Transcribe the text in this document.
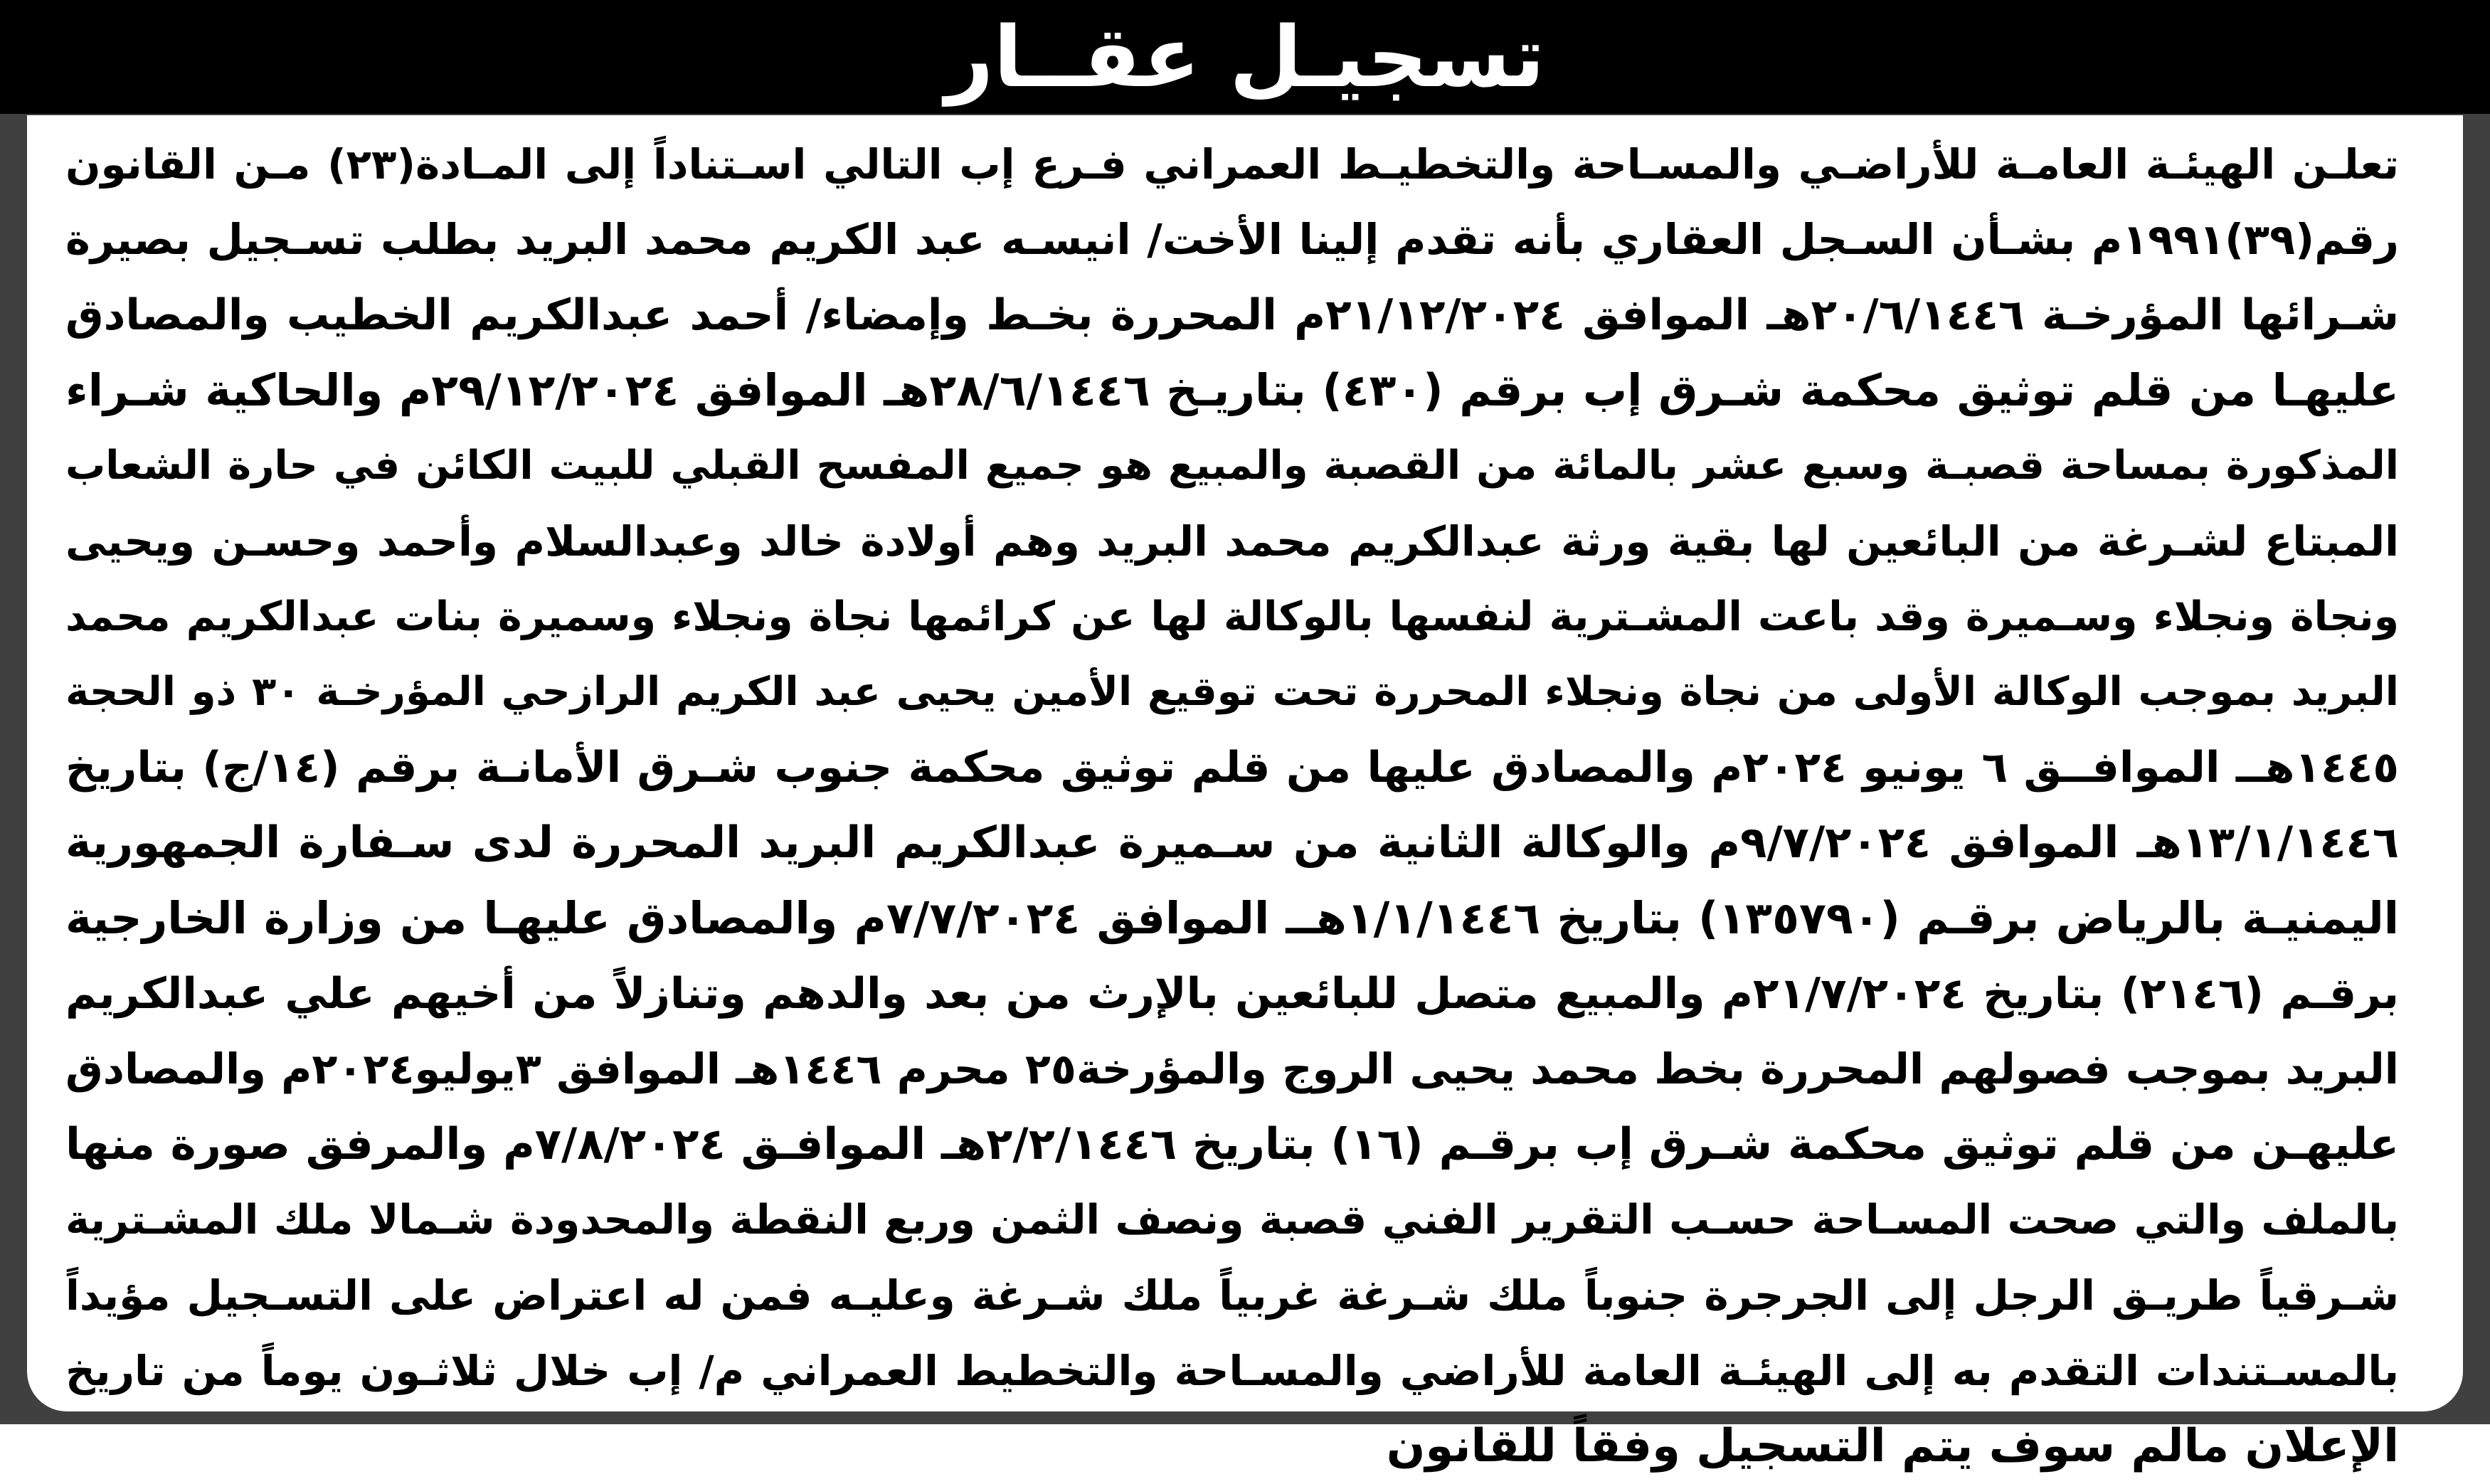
تسجيـل عقــار
تعلـن الهيئـة العامـة للأراضـي والمسـاحة والتخطيـط العمراني فـرع إب التالي اسـتناداً إلى المـادة(٢٣) مـن القانون
رقم(٣٩)١٩٩١م بشـأن السـجل العقاري بأنه تقدم إلينا الأخت/ انيسـه عبد الكريم محمد البريد بطلب تسـجيل بصيرة
شـرائها المؤرخـة ٢٠/٦/١٤٤٦هـ الموافق ٢١/١٢/٢٠٢٤م المحررة بخـط وإمضاء/ أحمد عبدالكريم الخطيب والمصادق
عليهـا من قلم توثيق محكمة شـرق إب برقم (٤٣٠) بتاريـخ ٢٨/٦/١٤٤٦هـ الموافق ٢٩/١٢/٢٠٢٤م والحاكية شـراء
المذكورة بمساحة قصبـة وسبع عشر بالمائة من القصبة والمبيع هو جميع المفسح القبلي للبيت الكائن في حارة الشعاب
المبتاع لشـرغة من البائعين لها بقية ورثة عبدالكريم محمد البريد وهم أولادة خالد وعبدالسلام وأحمد وحسـن ويحيى
ونجاة ونجلاء وسـميرة وقد باعت المشـترية لنفسها بالوكالة لها عن كرائمها نجاة ونجلاء وسميرة بنات عبدالكريم محمد
البريد بموجب الوكالة الأولى من نجاة ونجلاء المحررة تحت توقيع الأمين يحيى عبد الكريم الرازحي المؤرخـة ٣٠ ذو الحجة
١٤٤٥هــ الموافــق ٦ يونيو ٢٠٢٤م والمصادق عليها من قلم توثيق محكمة جنوب شـرق الأمانـة برقم (١٤/ج) بتاريخ
١٣/١/١٤٤٦هـ الموافق ٩/٧/٢٠٢٤م والوكالة الثانية من سـميرة عبدالكريم البريد المحررة لدى سـفارة الجمهورية
اليمنيـة بالرياض برقـم (١٣٥٧٩٠) بتاريخ ١/١/١٤٤٦هــ الموافق ٧/٧/٢٠٢٤م والمصادق عليهـا من وزارة الخارجية
برقـم (٢١٤٦) بتاريخ ٢١/٧/٢٠٢٤م والمبيع متصل للبائعين بالإرث من بعد والدهم وتنازلاً من أخيهم علي عبدالكريم
البريد بموجب فصولهم المحررة بخط محمد يحيى الروج والمؤرخة٢٥ محرم ١٤٤٦هـ الموافق ٣يوليو٢٠٢٤م والمصادق
عليهـن من قلم توثيق محكمة شـرق إب برقـم (١٦) بتاريخ ٢/٢/١٤٤٦هـ الموافـق ٧/٨/٢٠٢٤م والمرفق صورة منها
بالملف والتي صحت المسـاحة حسـب التقرير الفني قصبة ونصف الثمن وربع النقطة والمحدودة شـمالا ملك المشـترية
شـرقياً طريـق الرجل إلى الجرجرة جنوباً ملك شـرغة غربياً ملك شـرغة وعليـه فمن له اعتراض على التسـجيل مؤيداً
بالمسـتندات التقدم به إلى الهيئـة العامة للأراضي والمسـاحة والتخطيط العمراني م/ إب خلال ثلاثـون يوماً من تاريخ
الإعلان مالم سوف يتم التسجيل وفقاً للقانون
